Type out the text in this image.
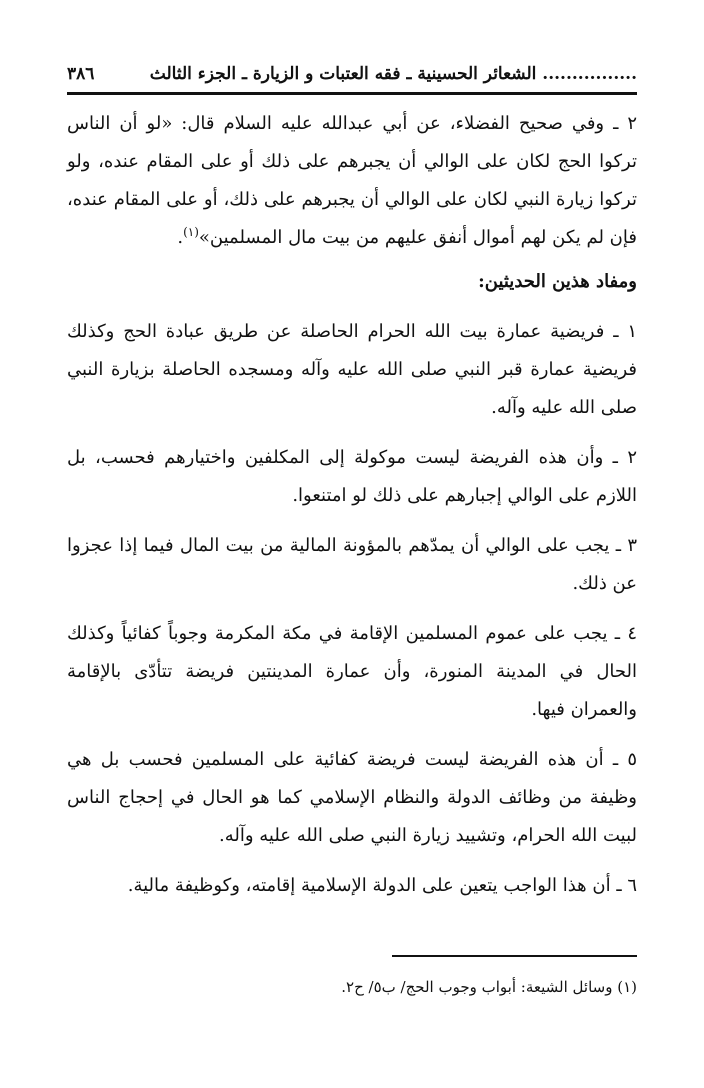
................ الشعائر الحسينية ـ فقه العتبات و الزيارة ـ الجزء الثالث
٣٨٦

٢ ـ وفي صحيح الفضلاء، عن أبي عبدالله عليه السلام قال: «لو أن الناس تركوا الحج لكان على الوالي أن يجبرهم على ذلك أو على المقام عنده، ولو تركوا زيارة النبي لكان على الوالي أن يجبرهم على ذلك، أو على المقام عنده، فإن لم يكن لهم أموال أنفق عليهم من بيت مال المسلمين»$^{(١)}$.

ومفاد هذين الحديثين:

١ ـ فريضية عمارة بيت الله الحرام الحاصلة عن طريق عبادة الحج وكذلك فريضية عمارة قبر النبي صلى الله عليه وآله ومسجده الحاصلة بزيارة النبي صلى الله عليه وآله.

٢ ـ وأن هذه الفريضة ليست موكولة إلى المكلفين واختيارهم فحسب، بل اللازم على الوالي إجبارهم على ذلك لو امتنعوا.

٣ ـ يجب على الوالي أن يمدّهم بالمؤونة المالية من بيت المال فيما إذا عجزوا عن ذلك.

٤ ـ يجب على عموم المسلمين الإقامة في مكة المكرمة وجوباً كفائياً وكذلك الحال في المدينة المنورة، وأن عمارة المدينتين فريضة تتأدّى بالإقامة والعمران فيها.

٥ ـ أن هذه الفريضة ليست فريضة كفائية على المسلمين فحسب بل هي وظيفة من وظائف الدولة والنظام الإسلامي كما هو الحال في إحجاج الناس لبيت الله الحرام، وتشييد زيارة النبي صلى الله عليه وآله.

٦ ـ أن هذا الواجب يتعين على الدولة الإسلامية إقامته، وكوظيفة مالية.

(١) وسائل الشيعة: أبواب وجوب الحج/ ب٥/ ح٢.
